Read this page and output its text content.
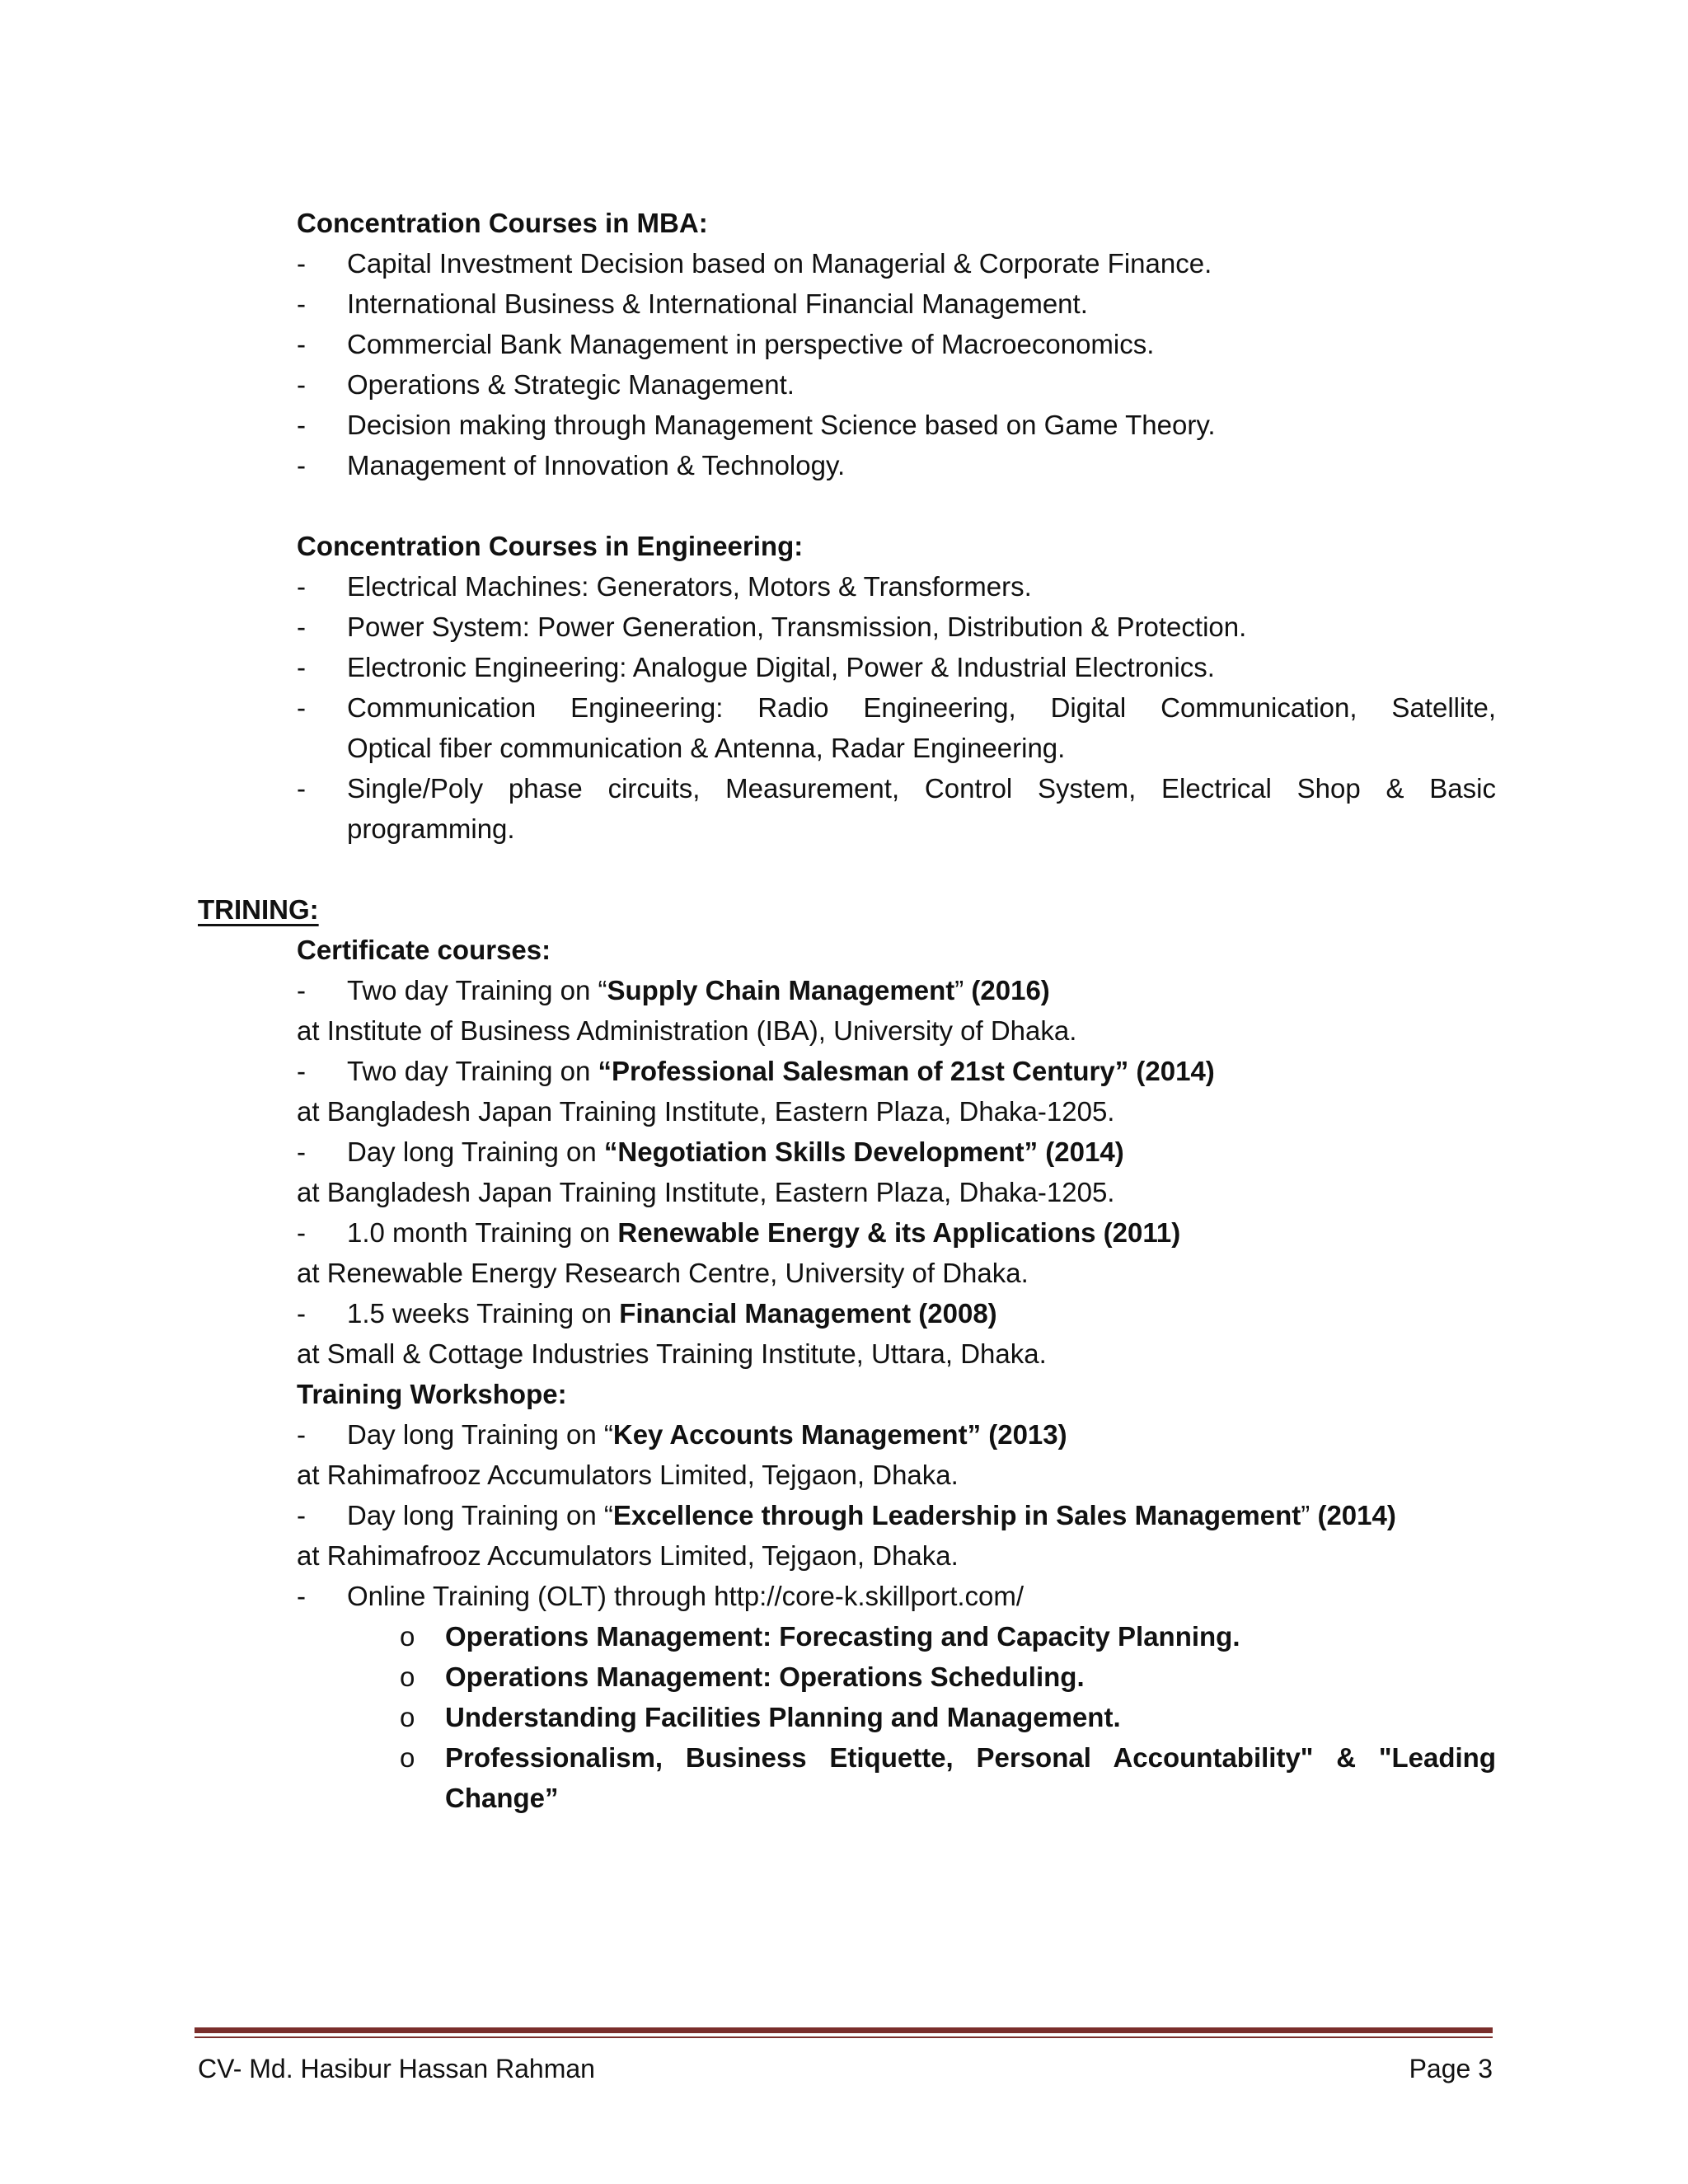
Concentration Courses in MBA:
-	Capital Investment Decision based on Managerial & Corporate Finance.
-	International Business & International Financial Management.
-	Commercial Bank Management in perspective of Macroeconomics.
-	Operations & Strategic Management.
-	Decision making through Management Science based on Game Theory.
-	Management of Innovation & Technology.
Concentration Courses in Engineering:
-	Electrical Machines: Generators, Motors & Transformers.
-	Power System: Power Generation, Transmission, Distribution & Protection.
-	Electronic Engineering: Analogue Digital, Power & Industrial Electronics.
-	Communication Engineering: Radio Engineering, Digital Communication, Satellite,
Optical fiber communication & Antenna, Radar Engineering.
-	Single/Poly phase circuits, Measurement, Control System, Electrical Shop & Basic
programming.
TRINING:
Certificate courses:
-	Two day Training on “Supply Chain Management” (2016)
at Institute of Business Administration (IBA), University of Dhaka.
-	Two day Training on “Professional Salesman of 21st Century” (2014)
at Bangladesh Japan Training Institute, Eastern Plaza, Dhaka-1205.
-	Day long Training on “Negotiation Skills Development” (2014)
at Bangladesh Japan Training Institute, Eastern Plaza, Dhaka-1205.
-	1.0 month Training on Renewable Energy & its Applications (2011)
at Renewable Energy Research Centre, University of Dhaka.
-	1.5 weeks Training on Financial Management (2008)
at Small & Cottage Industries Training Institute, Uttara, Dhaka.
Training Workshope:
-	Day long Training on “Key Accounts Management” (2013)
at Rahimafrooz Accumulators Limited, Tejgaon, Dhaka.
-	Day long Training on “Excellence through Leadership in Sales Management” (2014)
at Rahimafrooz Accumulators Limited, Tejgaon, Dhaka.
-	Online Training (OLT) through http://core-k.skillport.com/
o	Operations Management: Forecasting and Capacity Planning.
o	Operations Management: Operations Scheduling.
o	Understanding Facilities Planning and Management.
o	Professionalism, Business Etiquette, Personal Accountability" & "Leading
Change”
CV- Md. Hasibur Hassan Rahman	Page 3
